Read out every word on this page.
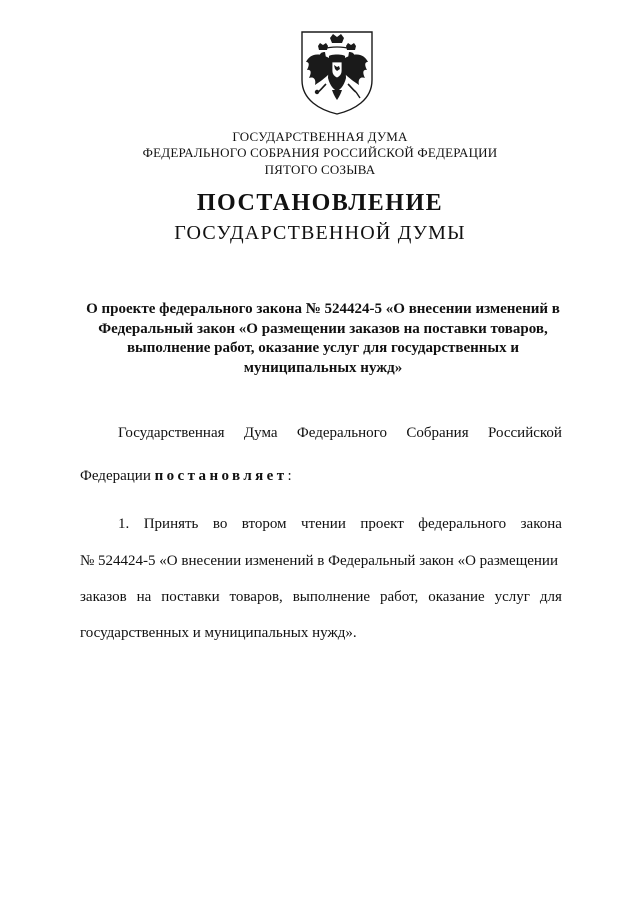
ГОСУДАРСТВЕННАЯ ДУМА
ФЕДЕРАЛЬНОГО СОБРАНИЯ РОССИЙСКОЙ ФЕДЕРАЦИИ
ПЯТОГО СОЗЫВА
ПОСТАНОВЛЕНИЕ
ГОСУДАРСТВЕННОЙ ДУМЫ
О проекте федерального закона № 524424-5 «О внесении изменений в
Федеральный закон «О размещении заказов на поставки товаров,
выполнение работ, оказание услуг для государственных и
муниципальных нужд»
Государственная Дума Федерального Собрания Российской
Федерации постановляет:
1. Принять во втором чтении проект федерального закона
№ 524424-5 «О внесении изменений в Федеральный закон «О размещении
заказов на поставки товаров, выполнение работ, оказание услуг для
государственных и муниципальных нужд».
